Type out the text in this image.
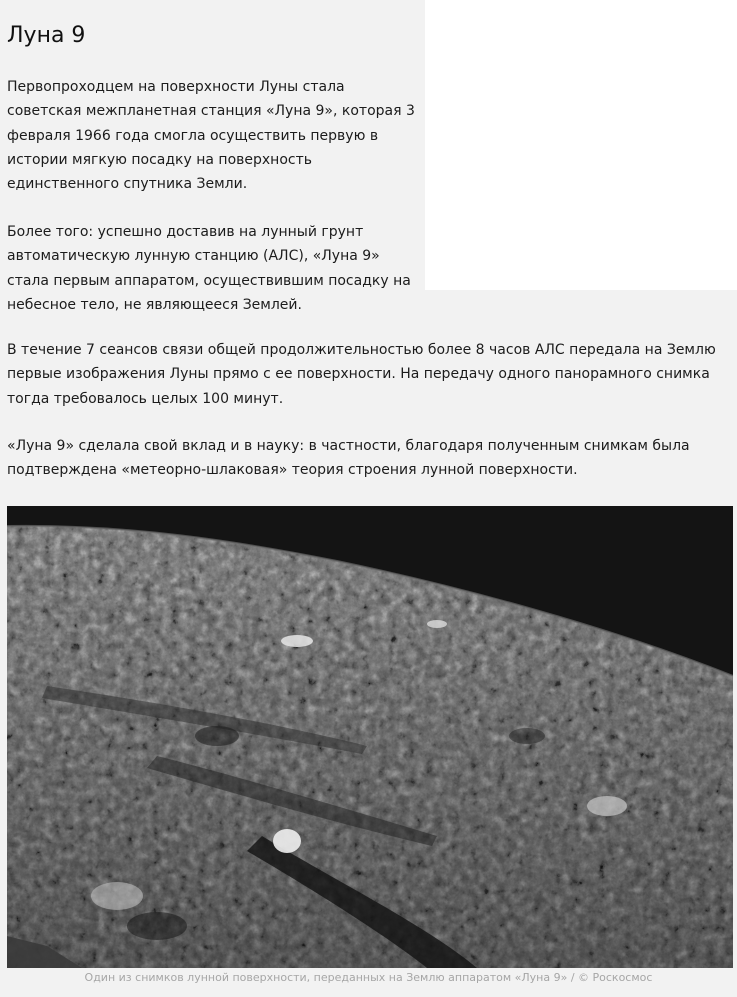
Луна 9

Первопроходцем на поверхности Луны стала
советская межпланетная станция «Луна 9», которая 3
февраля 1966 года смогла осуществить первую в
истории мягкую посадку на поверхность
единственного спутника Земли.

Более того: успешно доставив на лунный грунт
автоматическую лунную станцию (АЛС), «Луна 9»
стала первым аппаратом, осуществившим посадку на
небесное тело, не являющееся Землей.

В течение 7 сеансов связи общей продолжительностью более 8 часов АЛС передала на Землю
первые изображения Луны прямо с ее поверхности. На передачу одного панорамного снимка
тогда требовалось целых 100 минут.

«Луна 9» сделала свой вклад и в науку: в частности, благодаря полученным снимкам была
подтверждена «метеорно-шлаковая» теория строения лунной поверхности.

Один из снимков лунной поверхности, переданных на Землю аппаратом «Луна 9» / © Роскосмос
